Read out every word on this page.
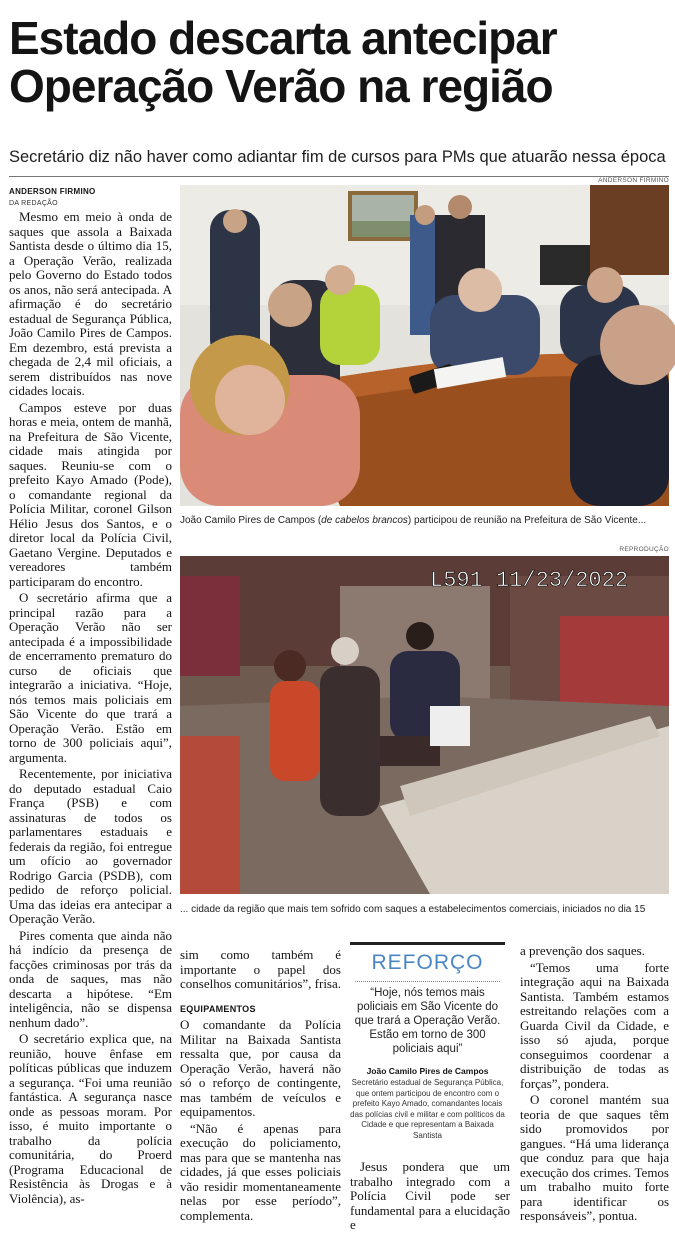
Estado descarta antecipar
Operação Verão na região
Secretário diz não haver como adiantar fim de cursos para PMs que atuarão nessa época
ANDERSON FIRMINO
DA REDAÇÃO

Mesmo em meio à onda de saques que assola a Baixada Santista desde o último dia 15, a Operação Verão, realizada pelo Governo do Estado todos os anos, não será antecipada. A afirmação é do secretário estadual de Segurança Pública, João Camilo Pires de Campos. Em dezembro, está prevista a chegada de 2,4 mil oficiais, a serem distribuídos nas nove cidades locais.

Campos esteve por duas horas e meia, ontem de manhã, na Prefeitura de São Vicente, cidade mais atingida por saques. Reuniu-se com o prefeito Kayo Amado (Pode), o comandante regional da Polícia Militar, coronel Gilson Hélio Jesus dos Santos, e o diretor local da Polícia Civil, Gaetano Vergine. Deputados e vereadores também participaram do encontro.

O secretário afirma que a principal razão para a Operação Verão não ser antecipada é a impossibilidade de encerramento prematuro do curso de oficiais que integrarão a iniciativa. “Hoje, nós temos mais policiais em São Vicente do que trará a Operação Verão. Estão em torno de 300 policiais aqui”, argumenta.

Recentemente, por iniciativa do deputado estadual Caio França (PSB) e com assinaturas de todos os parlamentares estaduais e federais da região, foi entregue um ofício ao governador Rodrigo Garcia (PSDB), com pedido de reforço policial. Uma das ideias era antecipar a Operação Verão.

Pires comenta que ainda não há indício da presença de facções criminosas por trás da onda de saques, mas não descarta a hipótese. “Em inteligência, não se dispensa nenhum dado”.

O secretário explica que, na reunião, houve ênfase em políticas públicas que induzem a segurança. “Foi uma reunião fantástica. A segurança nasce onde as pessoas moram. Por isso, é muito importante o trabalho da polícia comunitária, do Proerd (Programa Educacional de Resistência às Drogas e à Violência), as-

ANDERSON FIRMINO
João Camilo Pires de Campos (de cabelos brancos) participou de reunião na Prefeitura de São Vicente...
REPRODUÇÃO
L591 11/23/2022
... cidade da região que mais tem sofrido com saques a estabelecimentos comerciais, iniciados no dia 15

sim como também é importante o papel dos conselhos comunitários”, frisa.

EQUIPAMENTOS

O comandante da Polícia Militar na Baixada Santista ressalta que, por causa da Operação Verão, haverá não só o reforço de contingente, mas também de veículos e equipamentos.

“Não é apenas para execução do policiamento, mas para que se mantenha nas cidades, já que esses policiais vão residir momentaneamente nelas por esse período”, complementa.

REFORÇO
“Hoje, nós temos mais policiais em São Vicente do que trará a Operação Verão. Estão em torno de 300 policiais aqui”
João Camilo Pires de Campos
Secretário estadual de Segurança Pública, que ontem participou de encontro com o prefeito Kayo Amado, comandantes locais das polícias civil e militar e com políticos da Cidade e que representam a Baixada Santista

Jesus pondera que um trabalho integrado com a Polícia Civil pode ser fundamental para a elucidação e

a prevenção dos saques.

“Temos uma forte integração aqui na Baixada Santista. Também estamos estreitando relações com a Guarda Civil da Cidade, e isso só ajuda, porque conseguimos coordenar a distribuição de todas as forças”, pondera.

O coronel mantém sua teoria de que saques têm sido promovidos por gangues. “Há uma liderança que conduz para que haja execução dos crimes. Temos um trabalho muito forte para identificar os responsáveis”, pontua.
